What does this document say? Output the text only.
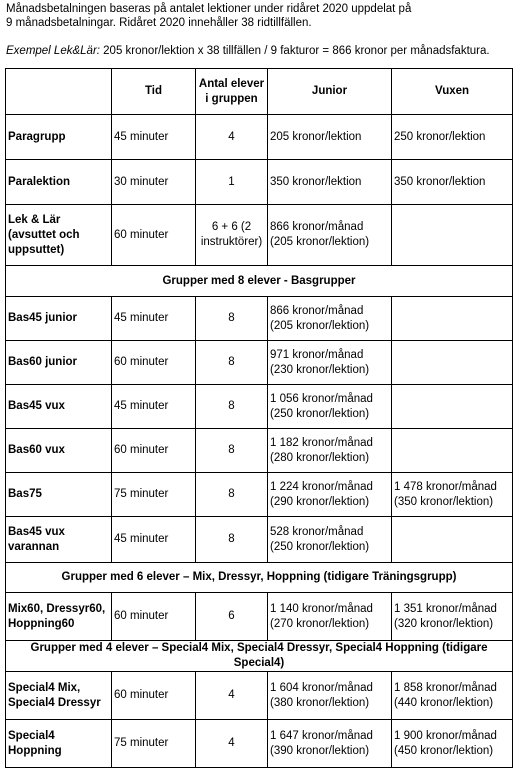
Månadsbetalningen baseras på antalet lektioner under ridåret 2020 uppdelat på
9 månadsbetalningar. Ridåret 2020 innehåller 38 ridtillfällen.
Exempel Lek&Lär: 205 kronor/lektion x 38 tillfällen / 9 fakturor = 866 kronor per månadsfaktura.
	Tid	Antal elever i gruppen	Junior	Vuxen
Paragrupp	45 minuter	4	205 kronor/lektion	250 kronor/lektion
Paralektion	30 minuter	1	350 kronor/lektion	350 kronor/lektion
Lek & Lär (avsuttet och uppsuttet)	60 minuter	6 + 6 (2 instruktörer)	866 kronor/månad (205 kronor/lektion)	
Grupper med 8 elever - Basgrupper				
Bas45 junior	45 minuter	8	866 kronor/månad (205 kronor/lektion)	
Bas60 junior	60 minuter	8	971 kronor/månad (230 kronor/lektion)	
Bas45 vux	45 minuter	8	1 056 kronor/månad (250 kronor/lektion)	
Bas60 vux	60 minuter	8	1 182 kronor/månad (280 kronor/lektion)	
Bas75	75 minuter	8	1 224 kronor/månad (290 kronor/lektion)	1 478 kronor/månad (350 kronor/lektion)
Bas45 vux varannan	45 minuter	8	528 kronor/månad (250 kronor/lektion)	
Grupper med 6 elever – Mix, Dressyr, Hoppning (tidigare Träningsgrupp)				
Mix60, Dressyr60, Hoppning60	60 minuter	6	1 140 kronor/månad (270 kronor/lektion)	1 351 kronor/månad (320 kronor/lektion)
Grupper med 4 elever – Special4 Mix, Special4 Dressyr, Special4 Hoppning (tidigare Special4)				
Special4 Mix, Special4 Dressyr	60 minuter	4	1 604 kronor/månad (380 kronor/lektion)	1 858 kronor/månad (440 kronor/lektion)
Special4 Hoppning	75 minuter	4	1 647 kronor/månad (390 kronor/lektion)	1 900 kronor/månad (450 kronor/lektion)
